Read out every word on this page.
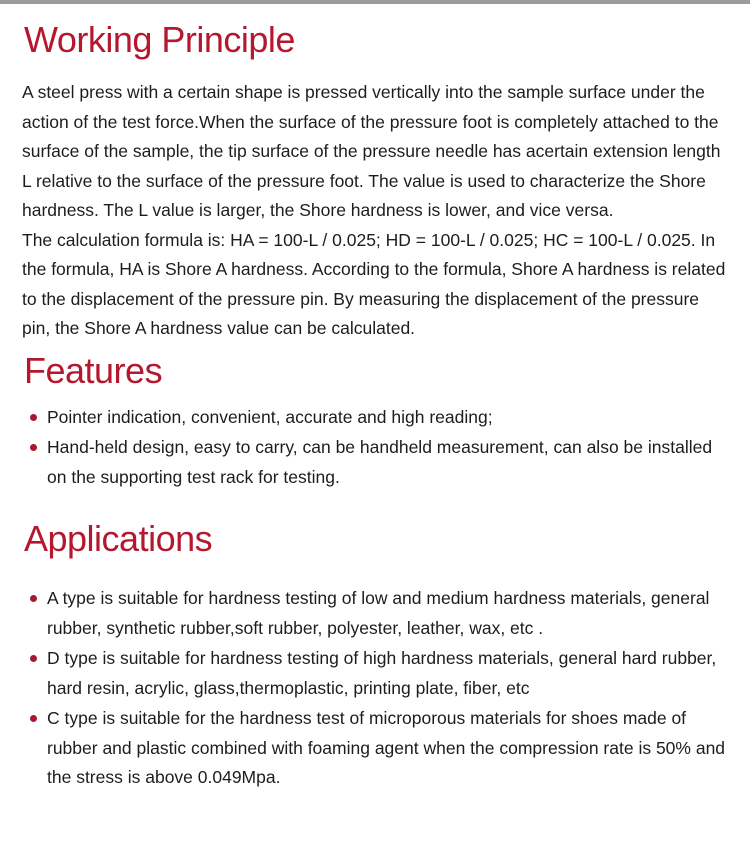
Working Principle

A steel press with a certain shape is pressed vertically into the sample surface under the action of the test force.When the surface of the pressure foot is completely attached to the surface of the sample, the tip surface of the pressure needle has acertain extension length L relative to the surface of the pressure foot. The value is used to characterize the Shore hardness. The L value is larger, the Shore hardness is lower, and vice versa.

The calculation formula is: HA = 100-L / 0.025; HD = 100-L / 0.025; HC = 100-L / 0.025. In the formula, HA is Shore A hardness. According to the formula, Shore A hardness is related to the displacement of the pressure pin. By measuring the displacement of the pressure pin, the Shore A hardness value can be calculated.

Features
Pointer indication, convenient, accurate and high reading;
Hand-held design, easy to carry, can be handheld measurement, can also be installed on the supporting test rack for testing.
Applications
A type is suitable for hardness testing of low and medium hardness materials, general rubber, synthetic rubber,soft rubber, polyester, leather, wax, etc .
D type is suitable for hardness testing of high hardness materials, general hard rubber, hard resin, acrylic, glass,thermoplastic, printing plate, fiber, etc
C type is suitable for the hardness test of microporous materials for shoes made of rubber and plastic combined with foaming agent when the compression rate is 50% and the stress is above 0.049Mpa.
